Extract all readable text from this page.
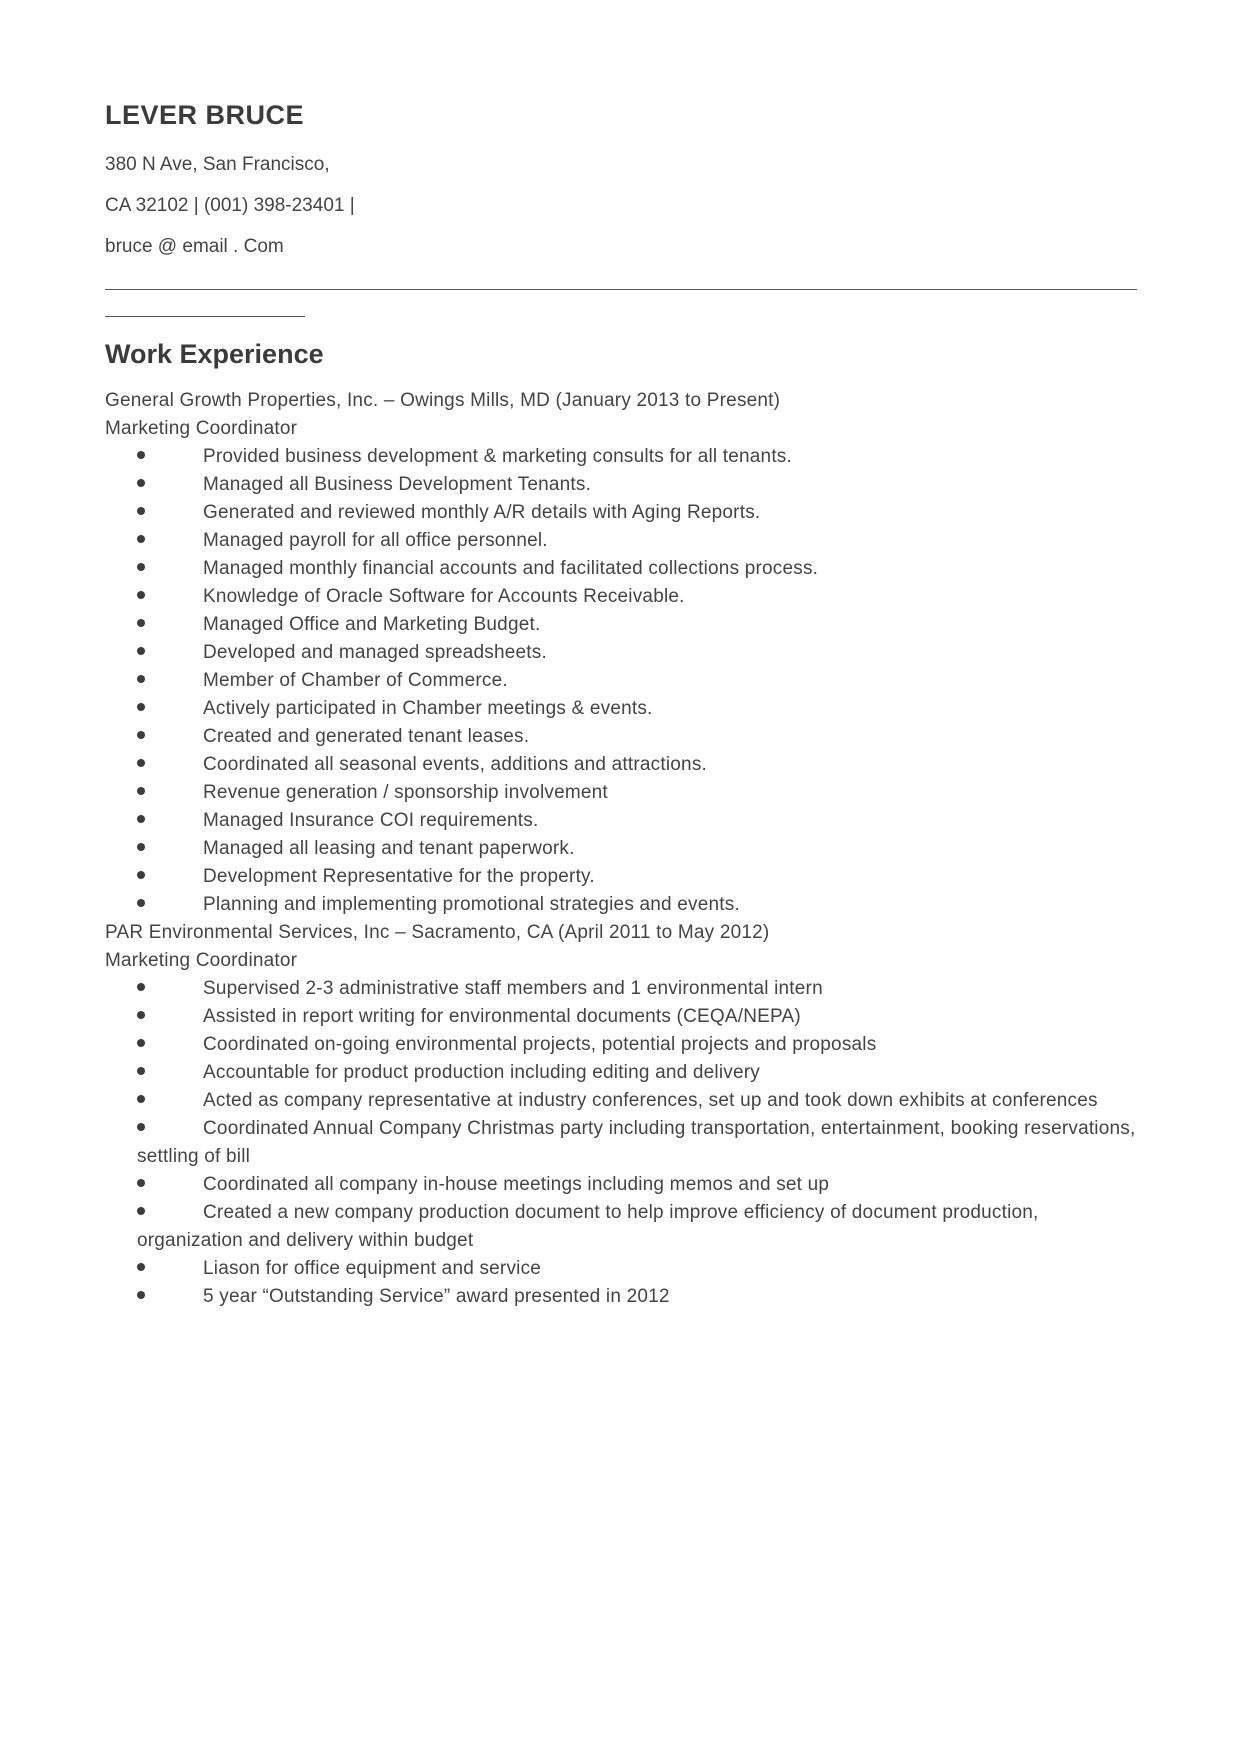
LEVER BRUCE

380 N Ave, San Francisco,

CA 32102 | (001) 398-23401 |

bruce @ email . Com

Work Experience

General Growth Properties, Inc. – Owings Mills, MD (January 2013 to Present)

Marketing Coordinator

Provided business development & marketing consults for all tenants.

Managed all Business Development Tenants.

Generated and reviewed monthly A/R details with Aging Reports.

Managed payroll for all office personnel.

Managed monthly financial accounts and facilitated collections process.

Knowledge of Oracle Software for Accounts Receivable.

Managed Office and Marketing Budget.

Developed and managed spreadsheets.

Member of Chamber of Commerce.

Actively participated in Chamber meetings & events.

Created and generated tenant leases.

Coordinated all seasonal events, additions and attractions.

Revenue generation / sponsorship involvement

Managed Insurance COI requirements.

Managed all leasing and tenant paperwork.

Development Representative for the property.

Planning and implementing promotional strategies and events.

PAR Environmental Services, Inc – Sacramento, CA (April 2011 to May 2012)

Marketing Coordinator

Supervised 2-3 administrative staff members and 1 environmental intern

Assisted in report writing for environmental documents (CEQA/NEPA)

Coordinated on-going environmental projects, potential projects and proposals

Accountable for product production including editing and delivery

Acted as company representative at industry conferences, set up and took down exhibits at conferences

Coordinated Annual Company Christmas party including transportation, entertainment, booking reservations, settling of bill

Coordinated all company in-house meetings including memos and set up

Created a new company production document to help improve efficiency of document production, organization and delivery within budget

Liason for office equipment and service

5 year “Outstanding Service” award presented in 2012
